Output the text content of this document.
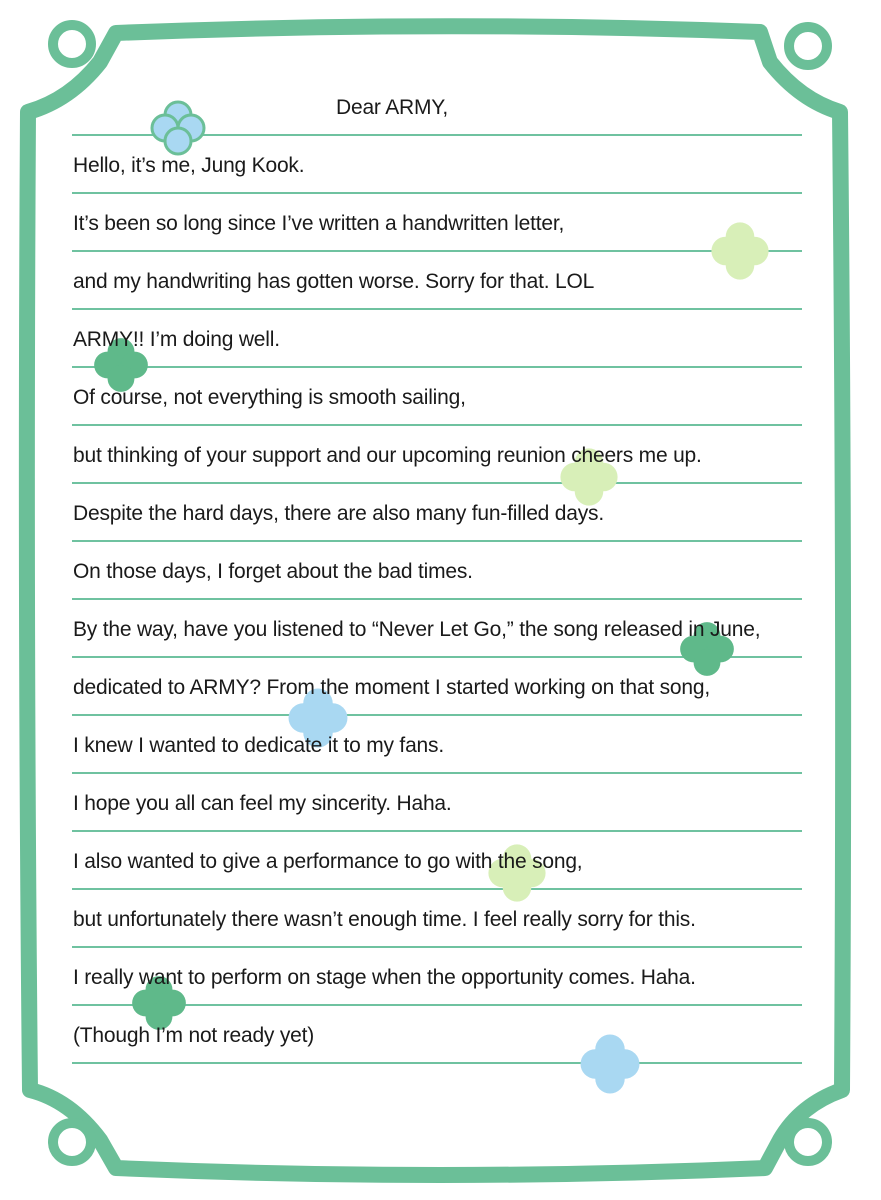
Dear ARMY,
Hello, it’s me, Jung Kook.
It’s been so long since I’ve written a handwritten letter,
and my handwriting has gotten worse. Sorry for that. LOL
ARMY!! I’m doing well.
Of course, not everything is smooth sailing,
but thinking of your support and our upcoming reunion cheers me up.
Despite the hard days, there are also many fun-filled days.
On those days, I forget about the bad times.
By the way, have you listened to “Never Let Go,” the song released in June,
dedicated to ARMY? From the moment I started working on that song,
I knew I wanted to dedicate it to my fans.
I hope you all can feel my sincerity. Haha.
I also wanted to give a performance to go with the song,
but unfortunately there wasn’t enough time. I feel really sorry for this.
I really want to perform on stage when the opportunity comes. Haha.
(Though I’m not ready yet)
